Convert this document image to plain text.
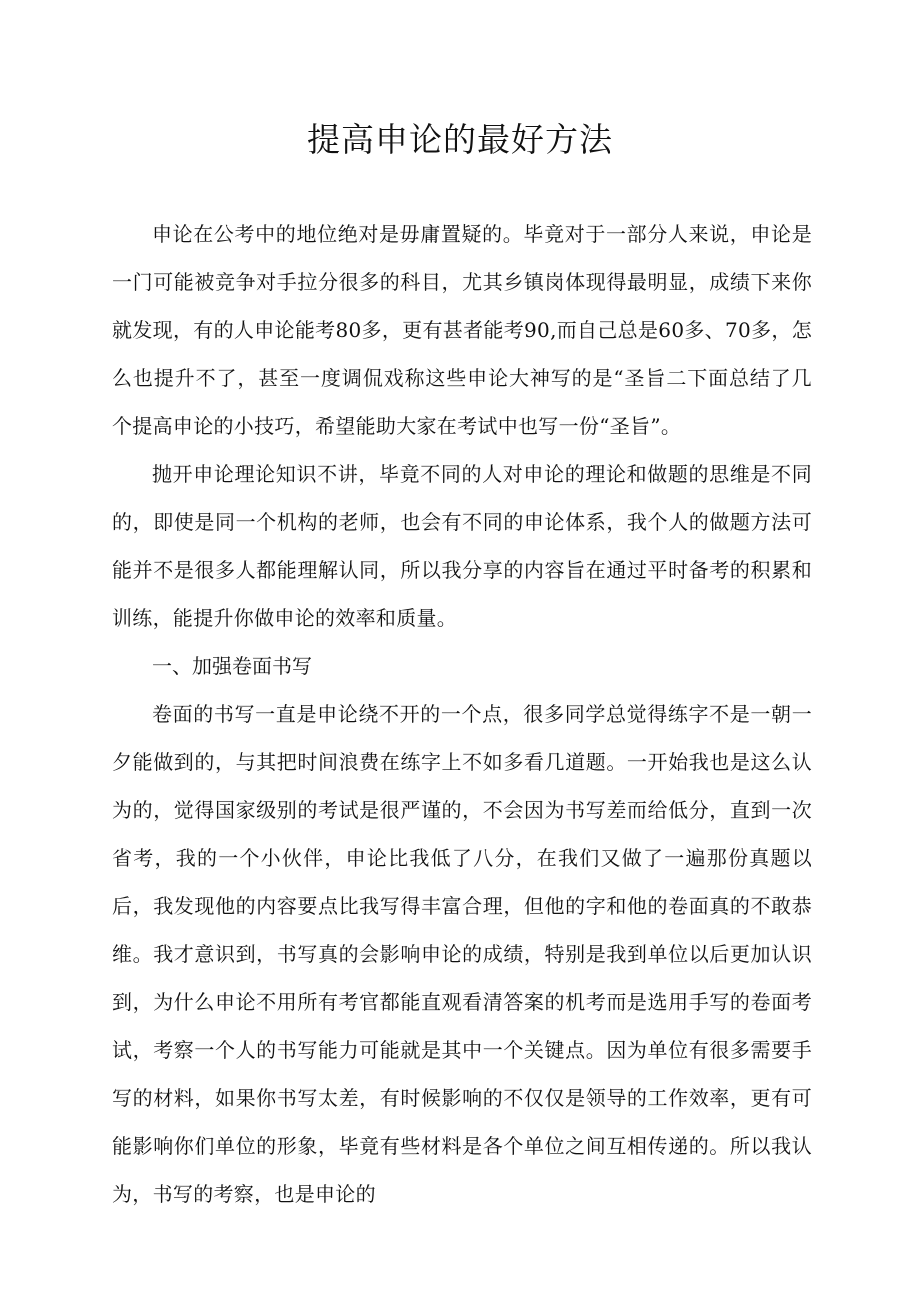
提高申论的最好方法

申论在公考中的地位绝对是毋庸置疑的。毕竟对于一部分人来说，申论是一门可能被竞争对手拉分很多的科目，尤其乡镇岗体现得最明显，成绩下来你就发现，有的人申论能考80多，更有甚者能考90,而自己总是60多、70多，怎么也提升不了，甚至一度调侃戏称这些申论大神写的是“圣旨二下面总结了几个提高申论的小技巧，希望能助大家在考试中也写一份“圣旨”。

抛开申论理论知识不讲，毕竟不同的人对申论的理论和做题的思维是不同的，即使是同一个机构的老师，也会有不同的申论体系，我个人的做题方法可能并不是很多人都能理解认同，所以我分享的内容旨在通过平时备考的积累和训练，能提升你做申论的效率和质量。

一、加强卷面书写

卷面的书写一直是申论绕不开的一个点，很多同学总觉得练字不是一朝一夕能做到的，与其把时间浪费在练字上不如多看几道题。一开始我也是这么认为的，觉得国家级别的考试是很严谨的，不会因为书写差而给低分，直到一次省考，我的一个小伙伴，申论比我低了八分，在我们又做了一遍那份真题以后，我发现他的内容要点比我写得丰富合理，但他的字和他的卷面真的不敢恭维。我才意识到，书写真的会影响申论的成绩，特别是我到单位以后更加认识到，为什么申论不用所有考官都能直观看清答案的机考而是选用手写的卷面考试，考察一个人的书写能力可能就是其中一个关键点。因为单位有很多需要手写的材料，如果你书写太差，有时候影响的不仅仅是领导的工作效率，更有可能影响你们单位的形象，毕竟有些材料是各个单位之间互相传递的。所以我认为，书写的考察，也是申论的
